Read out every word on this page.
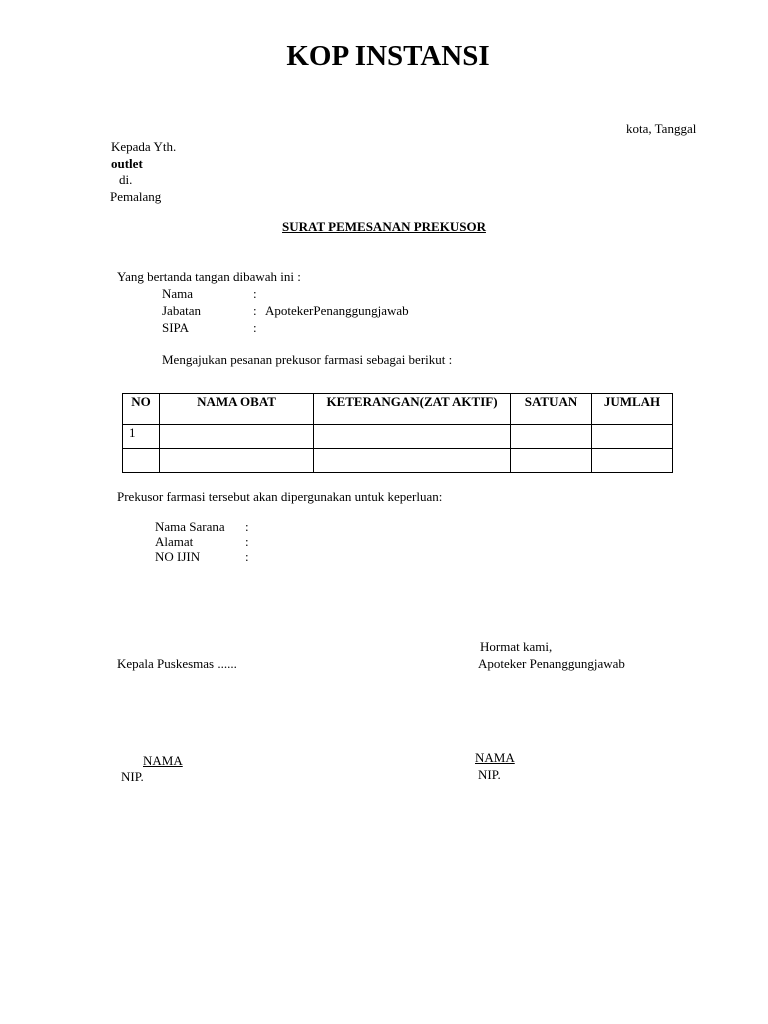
KOP INSTANSI
kota, Tanggal
Kepada Yth.
outlet
di.
Pemalang
SURAT PEMESANAN PREKUSOR
Yang bertanda tangan dibawah ini :
Nama	:
Jabatan	: ApotekerPenanggungjawab
SIPA	:
Mengajukan pesanan prekusor farmasi sebagai berikut :
NO	NAMA OBAT	KETERANGAN(ZAT AKTIF)	SATUAN	JUMLAH
1				

Prekusor farmasi tersebut akan dipergunakan untuk keperluan:
Nama Sarana :
Alamat	:
NO IJIN	:
Hormat kami,
Kepala Puskesmas ......	Apoteker Penanggungjawab
NAMA
NIP.
NAMA
NIP.
